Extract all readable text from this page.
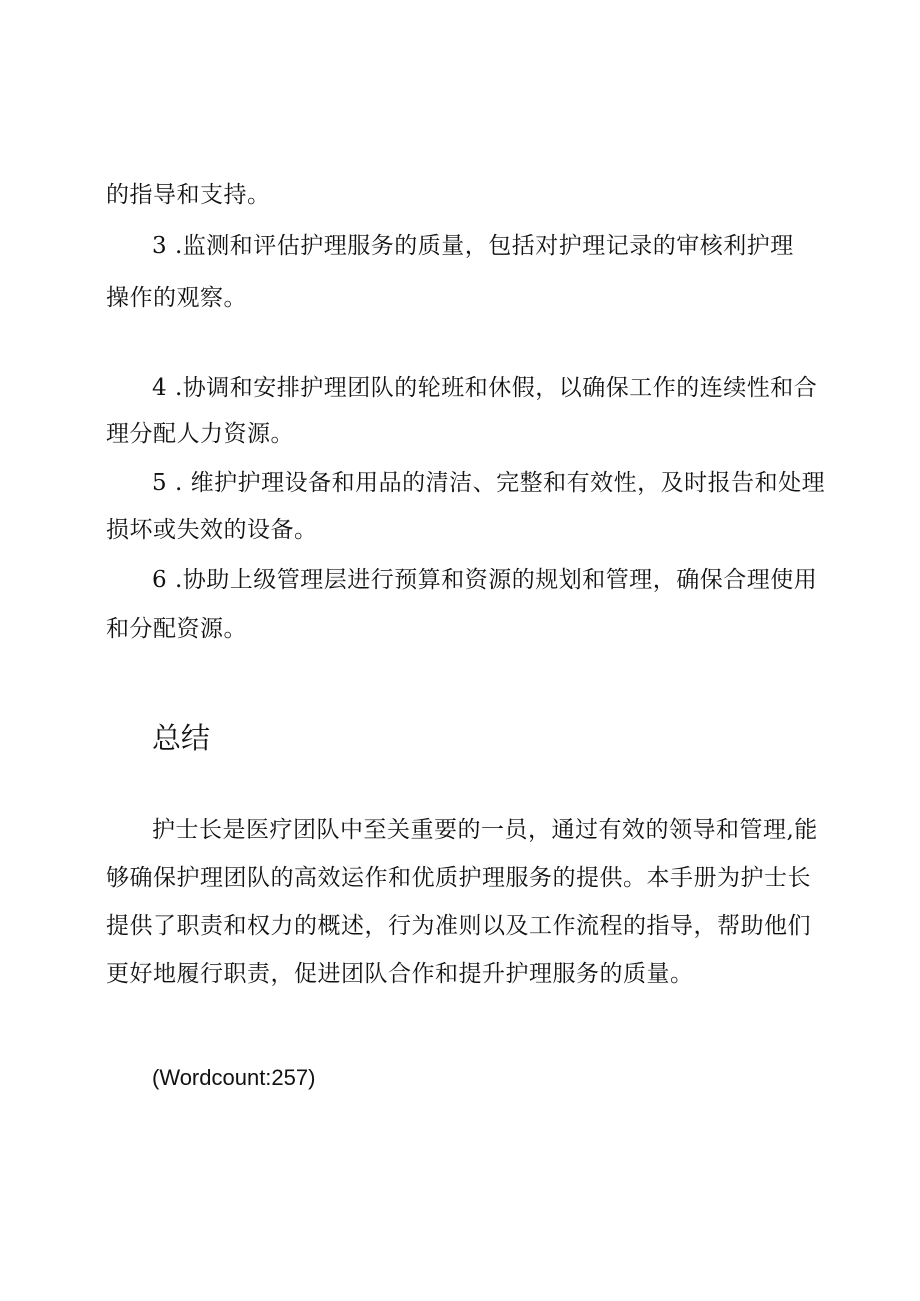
的指导和支持。
3 .监测和评估护理服务的质量，包括对护理记录的审核利护理
操作的观察。
4 .协调和安排护理团队的轮班和休假，以确保工作的连续性和合
理分配人力资源。
5 . 维护护理设备和用品的清洁、完整和有效性，及时报告和处理
损坏或失效的设备。
6 .协助上级管理层进行预算和资源的规划和管理，确保合理使用
和分配资源。
总结
护士长是医疗团队中至关重要的一员，通过有效的领导和管理,能
够确保护理团队的高效运作和优质护理服务的提供。本手册为护士长
提供了职责和权力的概述，行为准则以及工作流程的指导，帮助他们
更好地履行职责，促进团队合作和提升护理服务的质量。
(Wordcount:257)
